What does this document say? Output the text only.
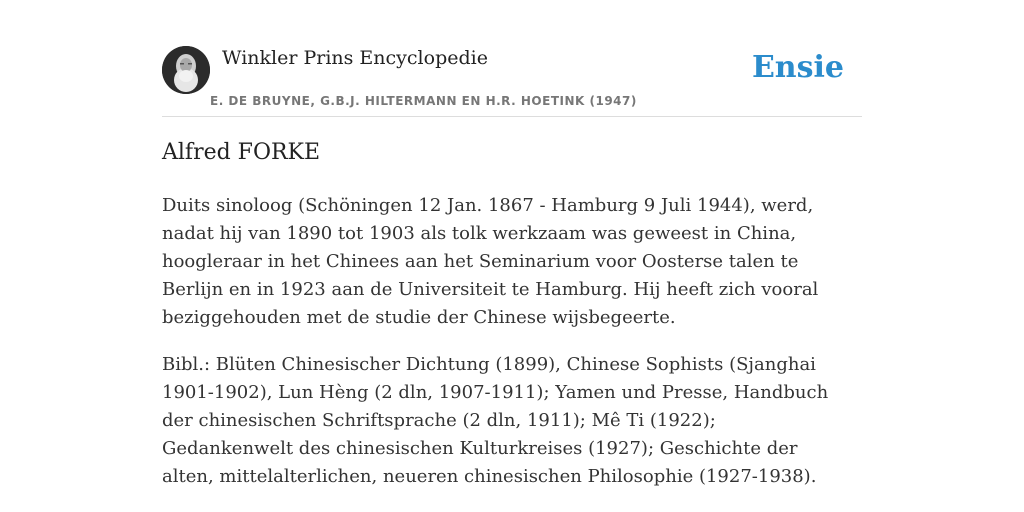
Winkler Prins Encyclopedie
E. DE BRUYNE, G.B.J. HILTERMANN EN H.R. HOETINK (1947)
Ensie
Alfred FORKE

Duits sinoloog (Schöningen 12 Jan. 1867 - Hamburg 9 Juli 1944), werd, nadat hij van 1890 tot 1903 als tolk werkzaam was geweest in China, hoogleraar in het Chinees aan het Seminarium voor Oosterse talen te Berlijn en in 1923 aan de Universiteit te Hamburg. Hij heeft zich vooral beziggehouden met de studie der Chinese wijsbegeerte.

Bibl.: Blüten Chinesischer Dichtung (1899), Chinese Sophists (Sjanghai 1901-1902), Lun Hèng (2 dln, 1907-1911); Yamen und Presse, Handbuch der chinesischen Schriftsprache (2 dln, 1911); Mê Ti (1922); Gedankenwelt des chinesischen Kulturkreises (1927); Geschichte der alten, mittelalterlichen, neueren chinesischen Philosophie (1927-1938).
